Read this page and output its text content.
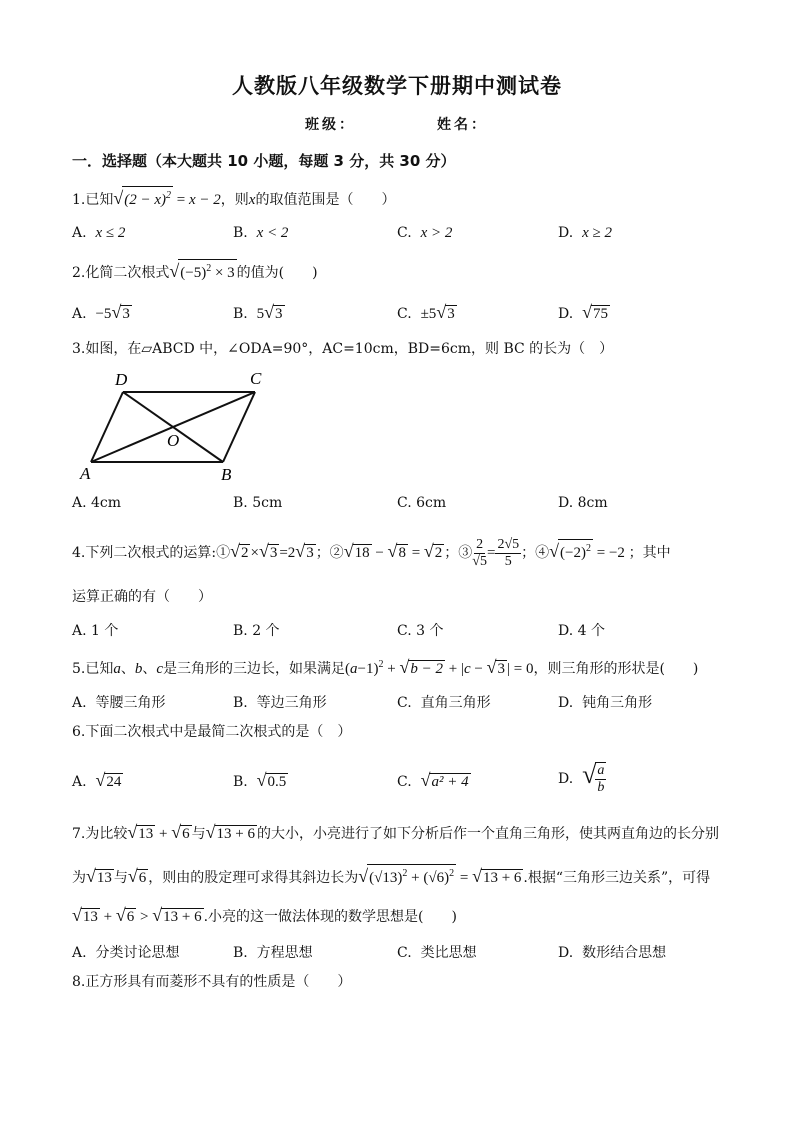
人教版八年级数学下册期中测试卷
班级：	姓名：
一．选择题（本大题共 10 小题，每题 3 分，共 30 分）
1.已知$√(2 - x)^2 = x - 2$，则x的取值范围是（　　）
A. x ≤ 2	B. x < 2	C. x > 2	D. x ≥ 2
2.化简二次根式$√(-5)^2 \times 3$ 的值为(　　)
A. −5√3	B. 5√3	C. ±5√3	D. √75
3.如图，在▱ABCD 中，∠ODA=90°，AC=10cm，BD=6cm，则 BC 的长为（　）
D	C
A	B
O
A. 4cm	B. 5cm	C. 6cm	D. 8cm
4.下列二次根式的运算:①√2 ×√3 =2√3 ；②√18 − √8 = √2 ；③ $\frac{2}{√5} = \frac{2√5}{5}$ ；$④√(-2)^2 = -2$ ；其中
运算正确的有（　　）
A. 1 个	B. 2 个	C. 3 个	D. 4 个
5.已知a、b、c是三角形的三边长，如果满足$(a-1)^2 + √b - 2 + |c - √3$ | = 0，则三角形的形状是(　　)
A. 等腰三角形	B. 等边三角形	C. 直角三角形	D. 钝角三角形
6.下面二次根式中是最简二次根式的是（　）
A. √24	B. √0.5	C. √a² + 4	D. √ $\frac{a}{b}$
7.为比较√13 + √6 与√13 + 6 的大小，小亮进行了如下分析后作一个直角三角形，使其两直角边的长分别
为√13 与√6 ，则由的股定理可求得其斜边长为$√(√13)^2 + (√6)^2 = √13 + 6$ .根据“三角形三边关系”，可得
√13 + √6 > √13 + 6 .小亮的这一做法体现的数学思想是(　　)
A. 分类讨论思想	B. 方程思想	C. 类比思想	D. 数形结合思想
8.正方形具有而菱形不具有的性质是（　　）
